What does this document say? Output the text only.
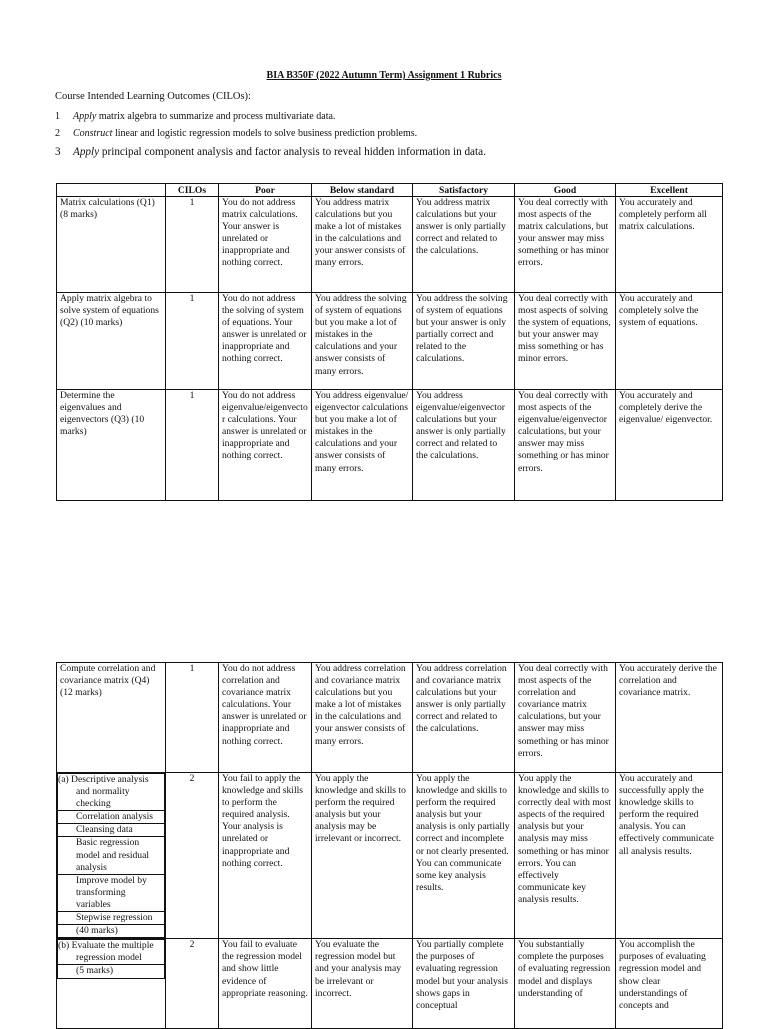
BIA B350F (2022 Autumn Term) Assignment 1 Rubrics
Course Intended Learning Outcomes (CILOs):
1 Apply matrix algebra to summarize and process multivariate data.
2 Construct linear and logistic regression models to solve business prediction problems.
3 Apply principal component analysis and factor analysis to reveal hidden information in data.
	CILOs	Poor	Below standard	Satisfactory	Good	Excellent
Matrix calculations (Q1) (8 marks)	1	You do not address matrix calculations. Your answer is unrelated or inappropriate and nothing correct.	You address matrix calculations but you make a lot of mistakes in the calculations and your answer consists of many errors.	You address matrix calculations but your answer is only partially correct and related to the calculations.	You deal correctly with most aspects of the matrix calculations, but your answer may miss something or has minor errors.	You accurately and completely perform all matrix calculations.
Apply matrix algebra to solve system of equations (Q2) (10 marks)	1	You do not address the solving of system of equations. Your answer is unrelated or inappropriate and nothing correct.	You address the solving of system of equations but you make a lot of mistakes in the calculations and your answer consists of many errors.	You address the solving of system of equations but your answer is only partially correct and related to the calculations.	You deal correctly with most aspects of solving the system of equations, but your answer may miss something or has minor errors.	You accurately and completely solve the system of equations.
Determine the eigenvalues and eigenvectors (Q3) (10 marks)	1	You do not address eigenvalue/eigenvector calculations. Your answer is unrelated or inappropriate and nothing correct.	You address eigenvalue/ eigenvector calculations but you make a lot of mistakes in the calculations and your answer consists of many errors.	You address eigenvalue/eigenvector calculations but your answer is only partially correct and related to the calculations.	You deal correctly with most aspects of the eigenvalue/eigenvector calculations, but your answer may miss something or has minor errors.	You accurately and completely derive the eigenvalue/ eigenvector.
Compute correlation and covariance matrix (Q4) (12 marks)	1	You do not address correlation and covariance matrix calculations. Your answer is unrelated or inappropriate and nothing correct.	You address correlation and covariance matrix calculations but you make a lot of mistakes in the calculations and your answer consists of many errors.	You address correlation and covariance matrix calculations but your answer is only partially correct and related to the calculations.	You deal correctly with most aspects of the correlation and covariance matrix calculations, but your answer may miss something or has minor errors.	You accurately derive the correlation and covariance matrix.

(a) Descriptive analysis and normality checking
Correlation analysis
Cleansing data
Basic regression model and residual analysis
Improve model by transforming variables
Stepwise regression
(40 marks)
	2	You fail to apply the knowledge and skills to perform the required analysis. Your analysis is unrelated or inappropriate and nothing correct.	You apply the knowledge and skills to perform the required analysis but your analysis may be irrelevant or incorrect.	You apply the knowledge and skills to perform the required analysis but your analysis is only partially correct and incomplete or not clearly presented. You can communicate some key analysis results.	You apply the knowledge and skills to correctly deal with most aspects of the required analysis but your analysis may miss something or has minor errors. You can effectively communicate key analysis results.	You accurately and successfully apply the knowledge skills to perform the required analysis. You can effectively communicate all analysis results.

(b) Evaluate the multiple regression model
(5 marks)
	2	You fail to evaluate the regression model and show little evidence of appropriate reasoning.	You evaluate the regression model but and your analysis may be irrelevant or incorrect.	You partially complete the purposes of evaluating regression model but your analysis shows gaps in conceptual	You substantially complete the purposes of evaluating regression model and displays understanding of	You accomplish the purposes of evaluating regression model and show clear understandings of concepts and
